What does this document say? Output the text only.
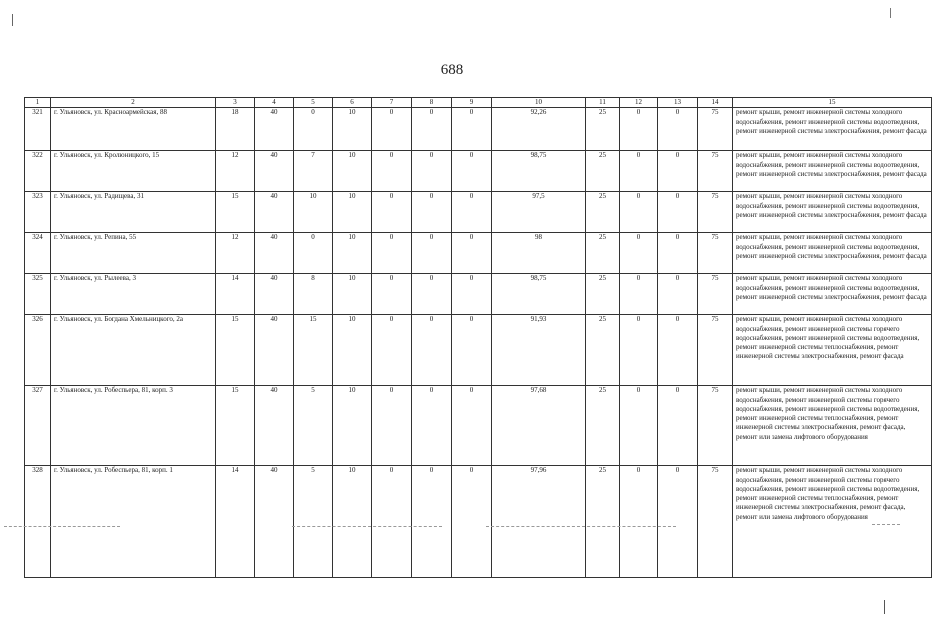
688
1	2	3	4	5	6	7	8	9	10	11	12	13	14	15
321	г. Ульяновск, ул. Красноармейская, 88	18	40	0	10	0	0	0	92,26	25	0	0	75	ремонт крыши, ремонт инженерной системы холодного водоснабжения, ремонт инженерной системы водоотведения, ремонт инженерной системы электроснабжения, ремонт фасада
322	г. Ульяновск, ул. Кролюницкого, 15	12	40	7	10	0	0	0	98,75	25	0	0	75	ремонт крыши, ремонт инженерной системы холодного водоснабжения, ремонт инженерной системы водоотведения, ремонт инженерной системы электроснабжения, ремонт фасада
323	г. Ульяновск, ул. Радищева, 31	15	40	10	10	0	0	0	97,5	25	0	0	75	ремонт крыши, ремонт инженерной системы холодного водоснабжения, ремонт инженерной системы водоотведения, ремонт инженерной системы электроснабжения, ремонт фасада
324	г. Ульяновск, ул. Репина, 55	12	40	0	10	0	0	0	98	25	0	0	75	ремонт крыши, ремонт инженерной системы холодного водоснабжения, ремонт инженерной системы водоотведения, ремонт инженерной системы электроснабжения, ремонт фасада
325	г. Ульяновск, ул. Рылеева, 3	14	40	8	10	0	0	0	98,75	25	0	0	75	ремонт крыши, ремонт инженерной системы холодного водоснабжения, ремонт инженерной системы водоотведения, ремонт инженерной системы электроснабжения, ремонт фасада
326	г. Ульяновск, ул. Богдана Хмельницкого, 2а	15	40	15	10	0	0	0	91,93	25	0	0	75	ремонт крыши, ремонт инженерной системы холодного водоснабжения, ремонт инженерной системы горячего водоснабжения, ремонт инженерной системы водоотведения, ремонт инженерной системы теплоснабжения, ремонт инженерной системы электроснабжения, ремонт фасада
327	г. Ульяновск, ул. Робеспьера, 81, корп. 3	15	40	5	10	0	0	0	97,68	25	0	0	75	ремонт крыши, ремонт инженерной системы холодного водоснабжения, ремонт инженерной системы горячего водоснабжения, ремонт инженерной системы водоотведения, ремонт инженерной системы теплоснабжения, ремонт инженерной системы электроснабжения, ремонт фасада, ремонт или замена лифтового оборудования
328	г. Ульяновск, ул. Робеспьера, 81, корп. 1	14	40	5	10	0	0	0	97,96	25	0	0	75	ремонт крыши, ремонт инженерной системы холодного водоснабжения, ремонт инженерной системы горячего водоснабжения, ремонт инженерной системы водоотведения, ремонт инженерной системы теплоснабжения, ремонт инженерной системы электроснабжения, ремонт фасада, ремонт или замена лифтового оборудования
